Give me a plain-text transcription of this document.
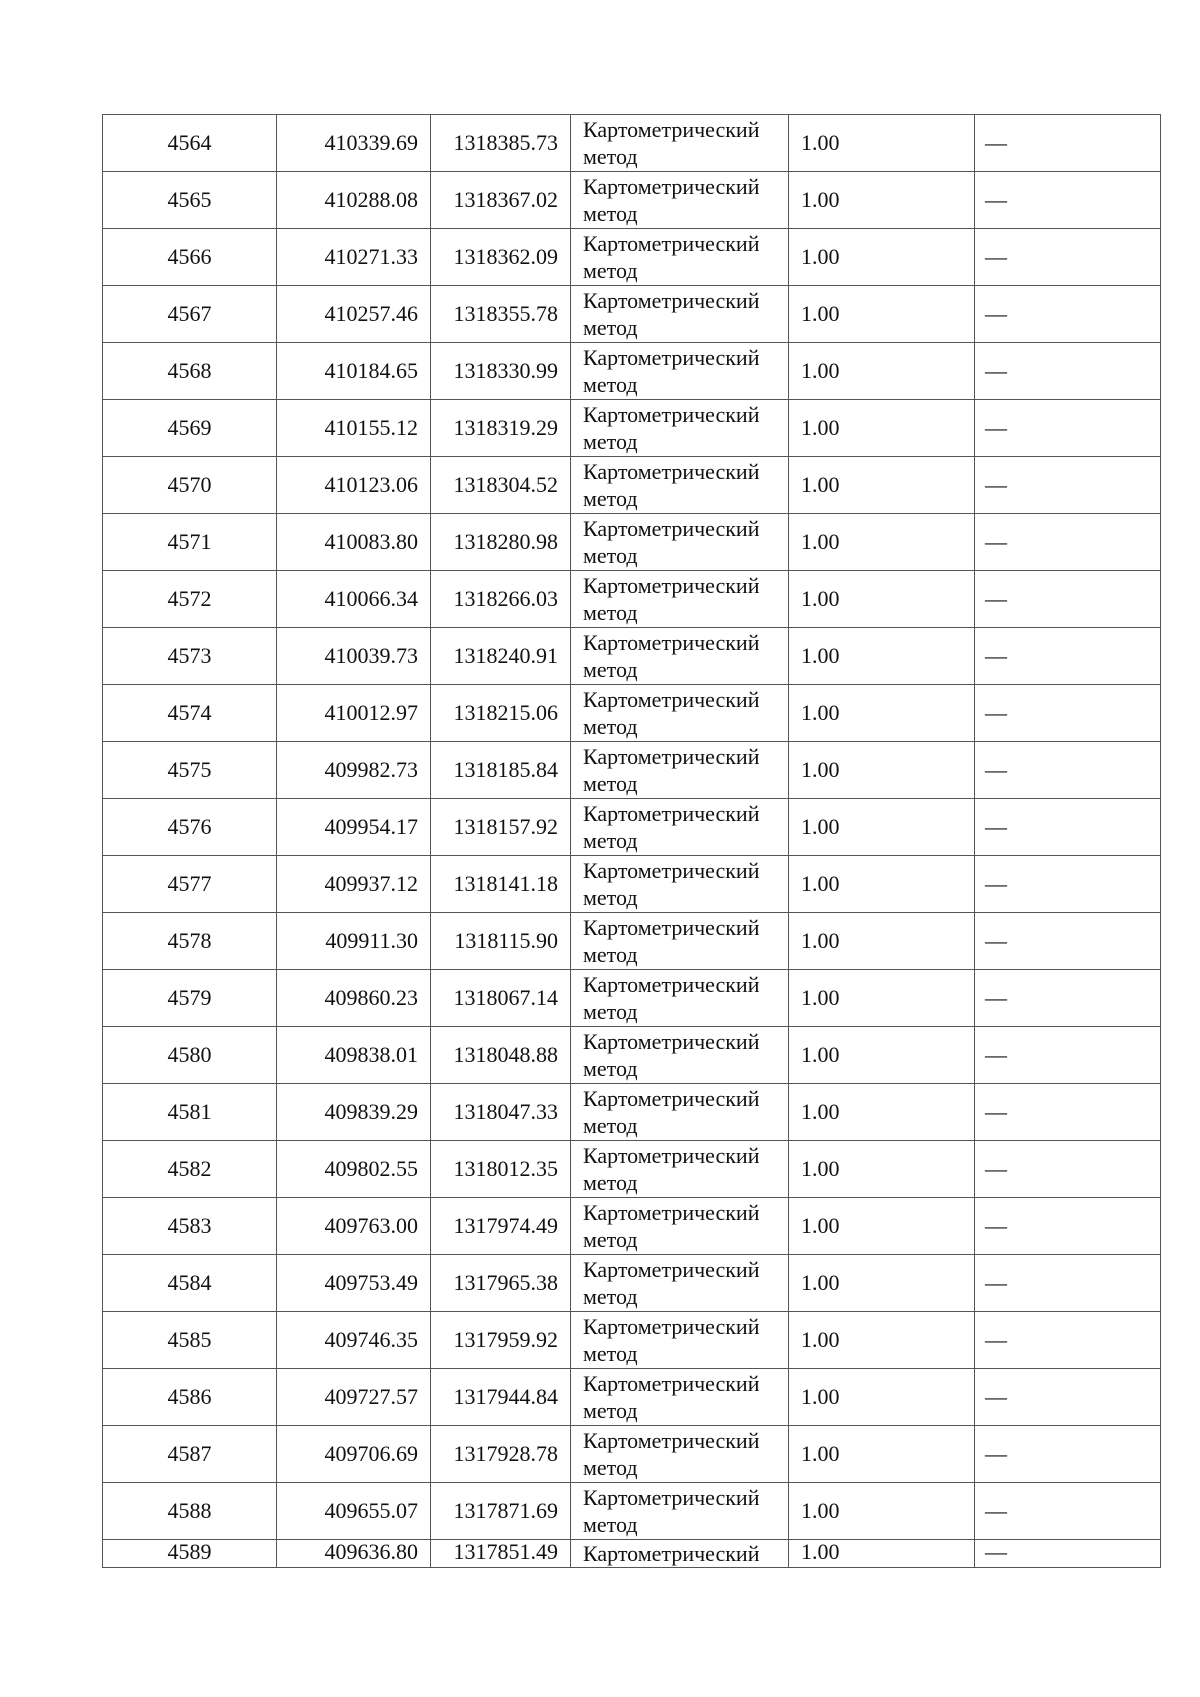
4564	410339.69	1318385.73	Картометрический метод	1.00	—
4565	410288.08	1318367.02	Картометрический метод	1.00	—
4566	410271.33	1318362.09	Картометрический метод	1.00	—
4567	410257.46	1318355.78	Картометрический метод	1.00	—
4568	410184.65	1318330.99	Картометрический метод	1.00	—
4569	410155.12	1318319.29	Картометрический метод	1.00	—
4570	410123.06	1318304.52	Картометрический метод	1.00	—
4571	410083.80	1318280.98	Картометрический метод	1.00	—
4572	410066.34	1318266.03	Картометрический метод	1.00	—
4573	410039.73	1318240.91	Картометрический метод	1.00	—
4574	410012.97	1318215.06	Картометрический метод	1.00	—
4575	409982.73	1318185.84	Картометрический метод	1.00	—
4576	409954.17	1318157.92	Картометрический метод	1.00	—
4577	409937.12	1318141.18	Картометрический метод	1.00	—
4578	409911.30	1318115.90	Картометрический метод	1.00	—
4579	409860.23	1318067.14	Картометрический метод	1.00	—
4580	409838.01	1318048.88	Картометрический метод	1.00	—
4581	409839.29	1318047.33	Картометрический метод	1.00	—
4582	409802.55	1318012.35	Картометрический метод	1.00	—
4583	409763.00	1317974.49	Картометрический метод	1.00	—
4584	409753.49	1317965.38	Картометрический метод	1.00	—
4585	409746.35	1317959.92	Картометрический метод	1.00	—
4586	409727.57	1317944.84	Картометрический метод	1.00	—
4587	409706.69	1317928.78	Картометрический метод	1.00	—
4588	409655.07	1317871.69	Картометрический метод	1.00	—
4589	409636.80	1317851.49	Картометрический	1.00	—
